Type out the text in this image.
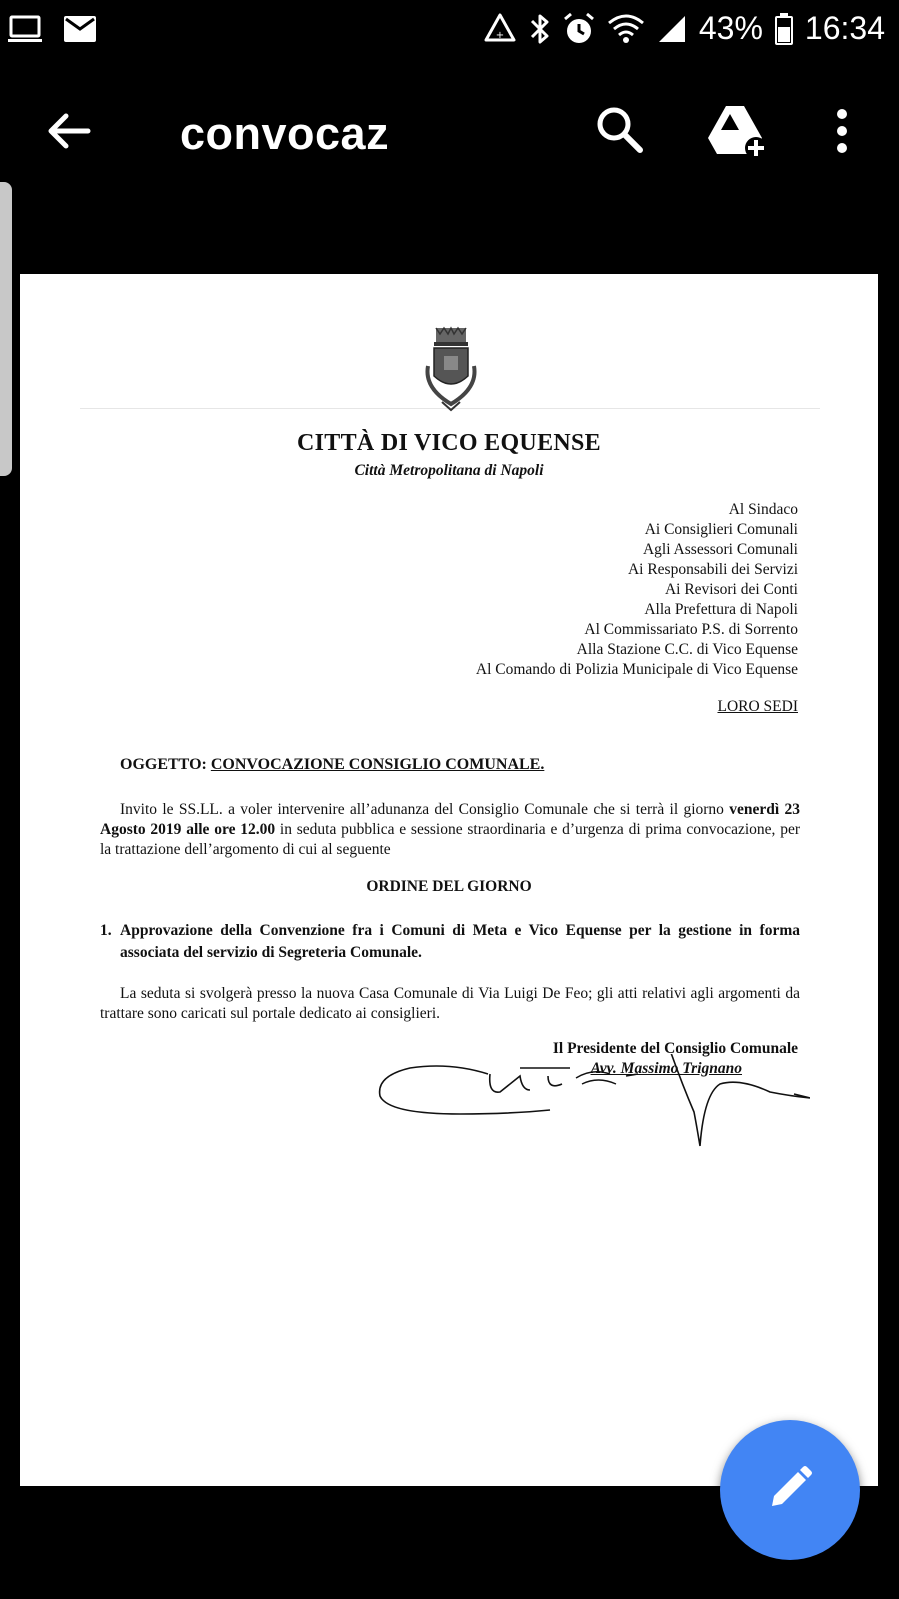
+	43% 16:34
convocaz
CITTÀ DI VICO EQUENSE
Città Metropolitana di Napoli
Al Sindaco
Ai Consiglieri Comunali
Agli Assessori Comunali
Ai Responsabili dei Servizi
Ai Revisori dei Conti
Alla Prefettura di Napoli
Al Commissariato P.S. di Sorrento
Alla Stazione C.C. di Vico Equense
Al Comando di Polizia Municipale di Vico Equense
LORO SEDI
OGGETTO: CONVOCAZIONE CONSIGLIO COMUNALE.
Invito le SS.LL. a voler intervenire all’adunanza del Consiglio Comunale che si terrà il giorno venerdì 23 Agosto 2019 alle ore 12.00 in seduta pubblica e sessione straordinaria e d’urgenza di prima convocazione, per la trattazione dell’argomento di cui al seguente
ORDINE DEL GIORNO
1. Approvazione della Convenzione fra i Comuni di Meta e Vico Equense per la gestione in forma associata del servizio di Segreteria Comunale.
La seduta si svolgerà presso la nuova Casa Comunale di Via Luigi De Feo; gli atti relativi agli argomenti da trattare sono caricati sul portale dedicato ai consiglieri.
Il Presidente del Consiglio Comunale
Avv. Massimo Trignano
